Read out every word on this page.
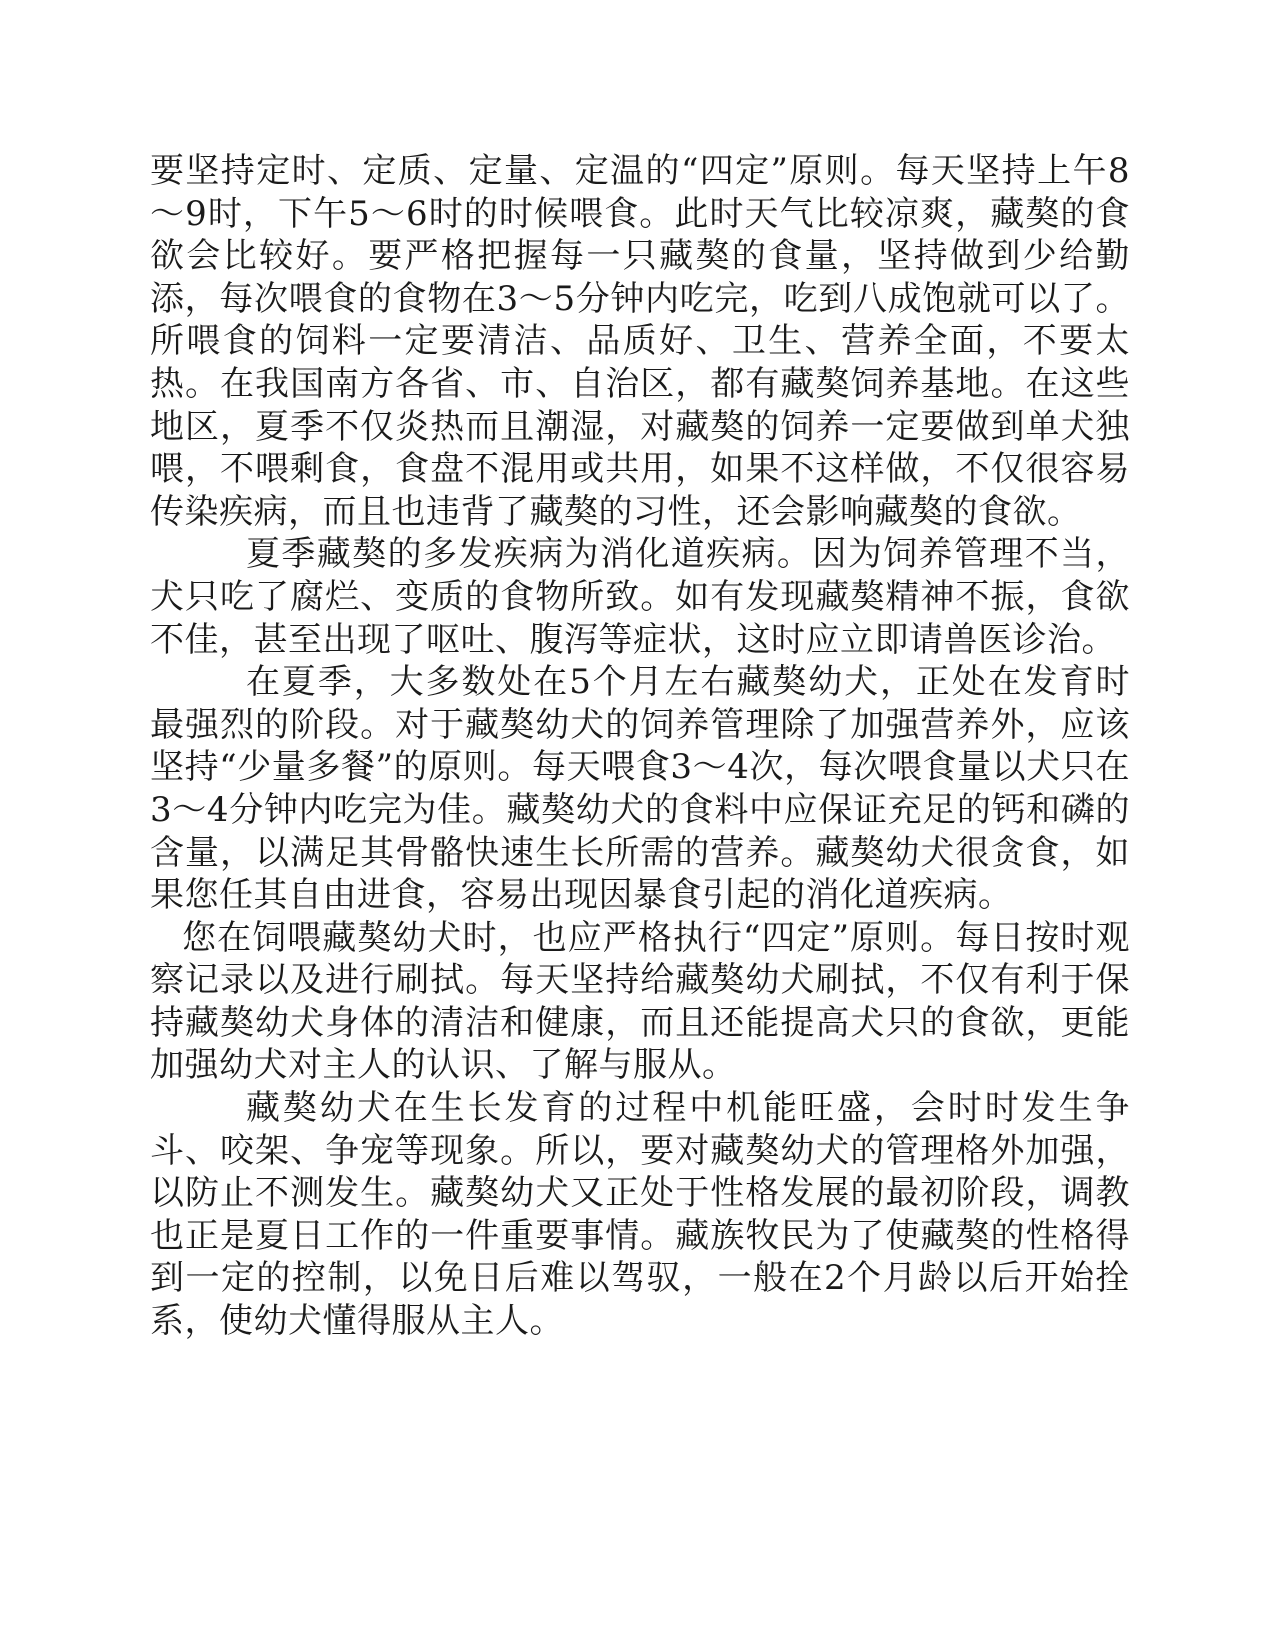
要坚持定时、定质、定量、定温的“四定”原则。每天坚持上午8～9时，下午5～6时的时候喂食。此时天气比较凉爽，藏獒的食欲会比较好。要严格把握每一只藏獒的食量，坚持做到少给勤添，每次喂食的食物在3～5分钟内吃完，吃到八成饱就可以了。所喂食的饲料一定要清洁、品质好、卫生、营养全面，不要太热。在我国南方各省、市、自治区，都有藏獒饲养基地。在这些地区，夏季不仅炎热而且潮湿，对藏獒的饲养一定要做到单犬独喂，不喂剩食，食盘不混用或共用，如果不这样做，不仅很容易传染疾病，而且也违背了藏獒的习性，还会影响藏獒的食欲。

夏季藏獒的多发疾病为消化道疾病。因为饲养管理不当，犬只吃了腐烂、变质的食物所致。如有发现藏獒精神不振，食欲不佳，甚至出现了呕吐、腹泻等症状，这时应立即请兽医诊治。

在夏季，大多数处在5个月左右藏獒幼犬，正处在发育时最强烈的阶段。对于藏獒幼犬的饲养管理除了加强营养外，应该坚持“少量多餐”的原则。每天喂食3～4次，每次喂食量以犬只在3～4分钟内吃完为佳。藏獒幼犬的食料中应保证充足的钙和磷的含量，以满足其骨骼快速生长所需的营养。藏獒幼犬很贪食，如果您任其自由进食，容易出现因暴食引起的消化道疾病。

您在饲喂藏獒幼犬时，也应严格执行“四定”原则。每日按时观察记录以及进行刷拭。每天坚持给藏獒幼犬刷拭，不仅有利于保持藏獒幼犬身体的清洁和健康，而且还能提高犬只的食欲，更能加强幼犬对主人的认识、了解与服从。

藏獒幼犬在生长发育的过程中机能旺盛，会时时发生争斗、咬架、争宠等现象。所以，要对藏獒幼犬的管理格外加强，以防止不测发生。藏獒幼犬又正处于性格发展的最初阶段，调教也正是夏日工作的一件重要事情。藏族牧民为了使藏獒的性格得到一定的控制，以免日后难以驾驭，一般在2个月龄以后开始拴系，使幼犬懂得服从主人。
